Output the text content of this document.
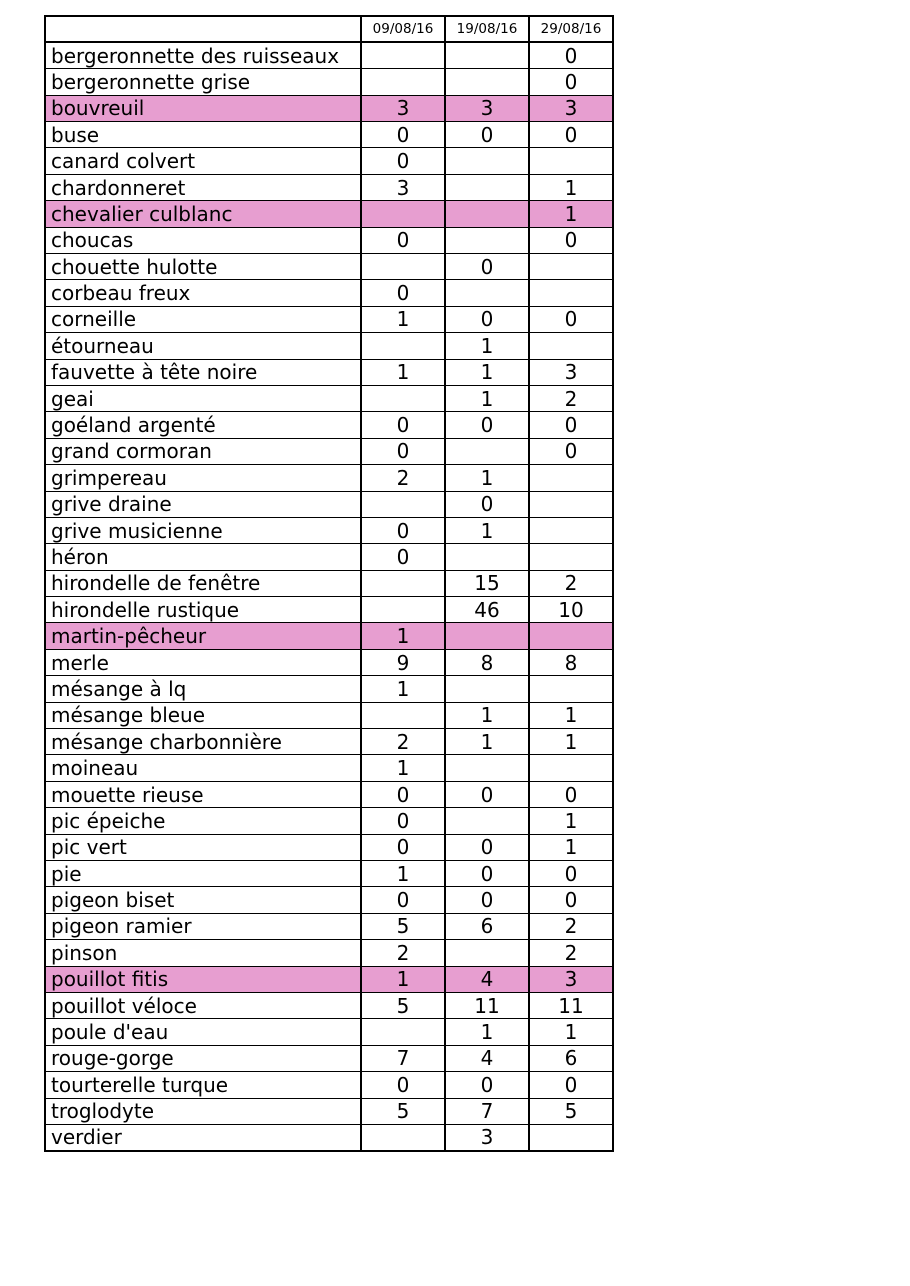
	09/08/16	19/08/16	29/08/16
bergeronnette des ruisseaux			0
bergeronnette grise			0
bouvreuil	3	3	3
buse	0	0	0
canard colvert	0		
chardonneret	3		1
chevalier culblanc			1
choucas	0		0
chouette hulotte		0	
corbeau freux	0		
corneille	1	0	0
étourneau		1	
fauvette à tête noire	1	1	3
geai		1	2
goéland argenté	0	0	0
grand cormoran	0		0
grimpereau	2	1	
grive draine		0	
grive musicienne	0	1	
héron	0		
hirondelle de fenêtre		15	2
hirondelle rustique		46	10
martin-pêcheur	1		
merle	9	8	8
mésange à lq	1		
mésange bleue		1	1
mésange charbonnière	2	1	1
moineau	1		
mouette rieuse	0	0	0
pic épeiche	0		1
pic vert	0	0	1
pie	1	0	0
pigeon biset	0	0	0
pigeon ramier	5	6	2
pinson	2		2
pouillot fitis	1	4	3
pouillot véloce	5	11	11
poule d'eau		1	1
rouge-gorge	7	4	6
tourterelle turque	0	0	0
troglodyte	5	7	5
verdier		3	
